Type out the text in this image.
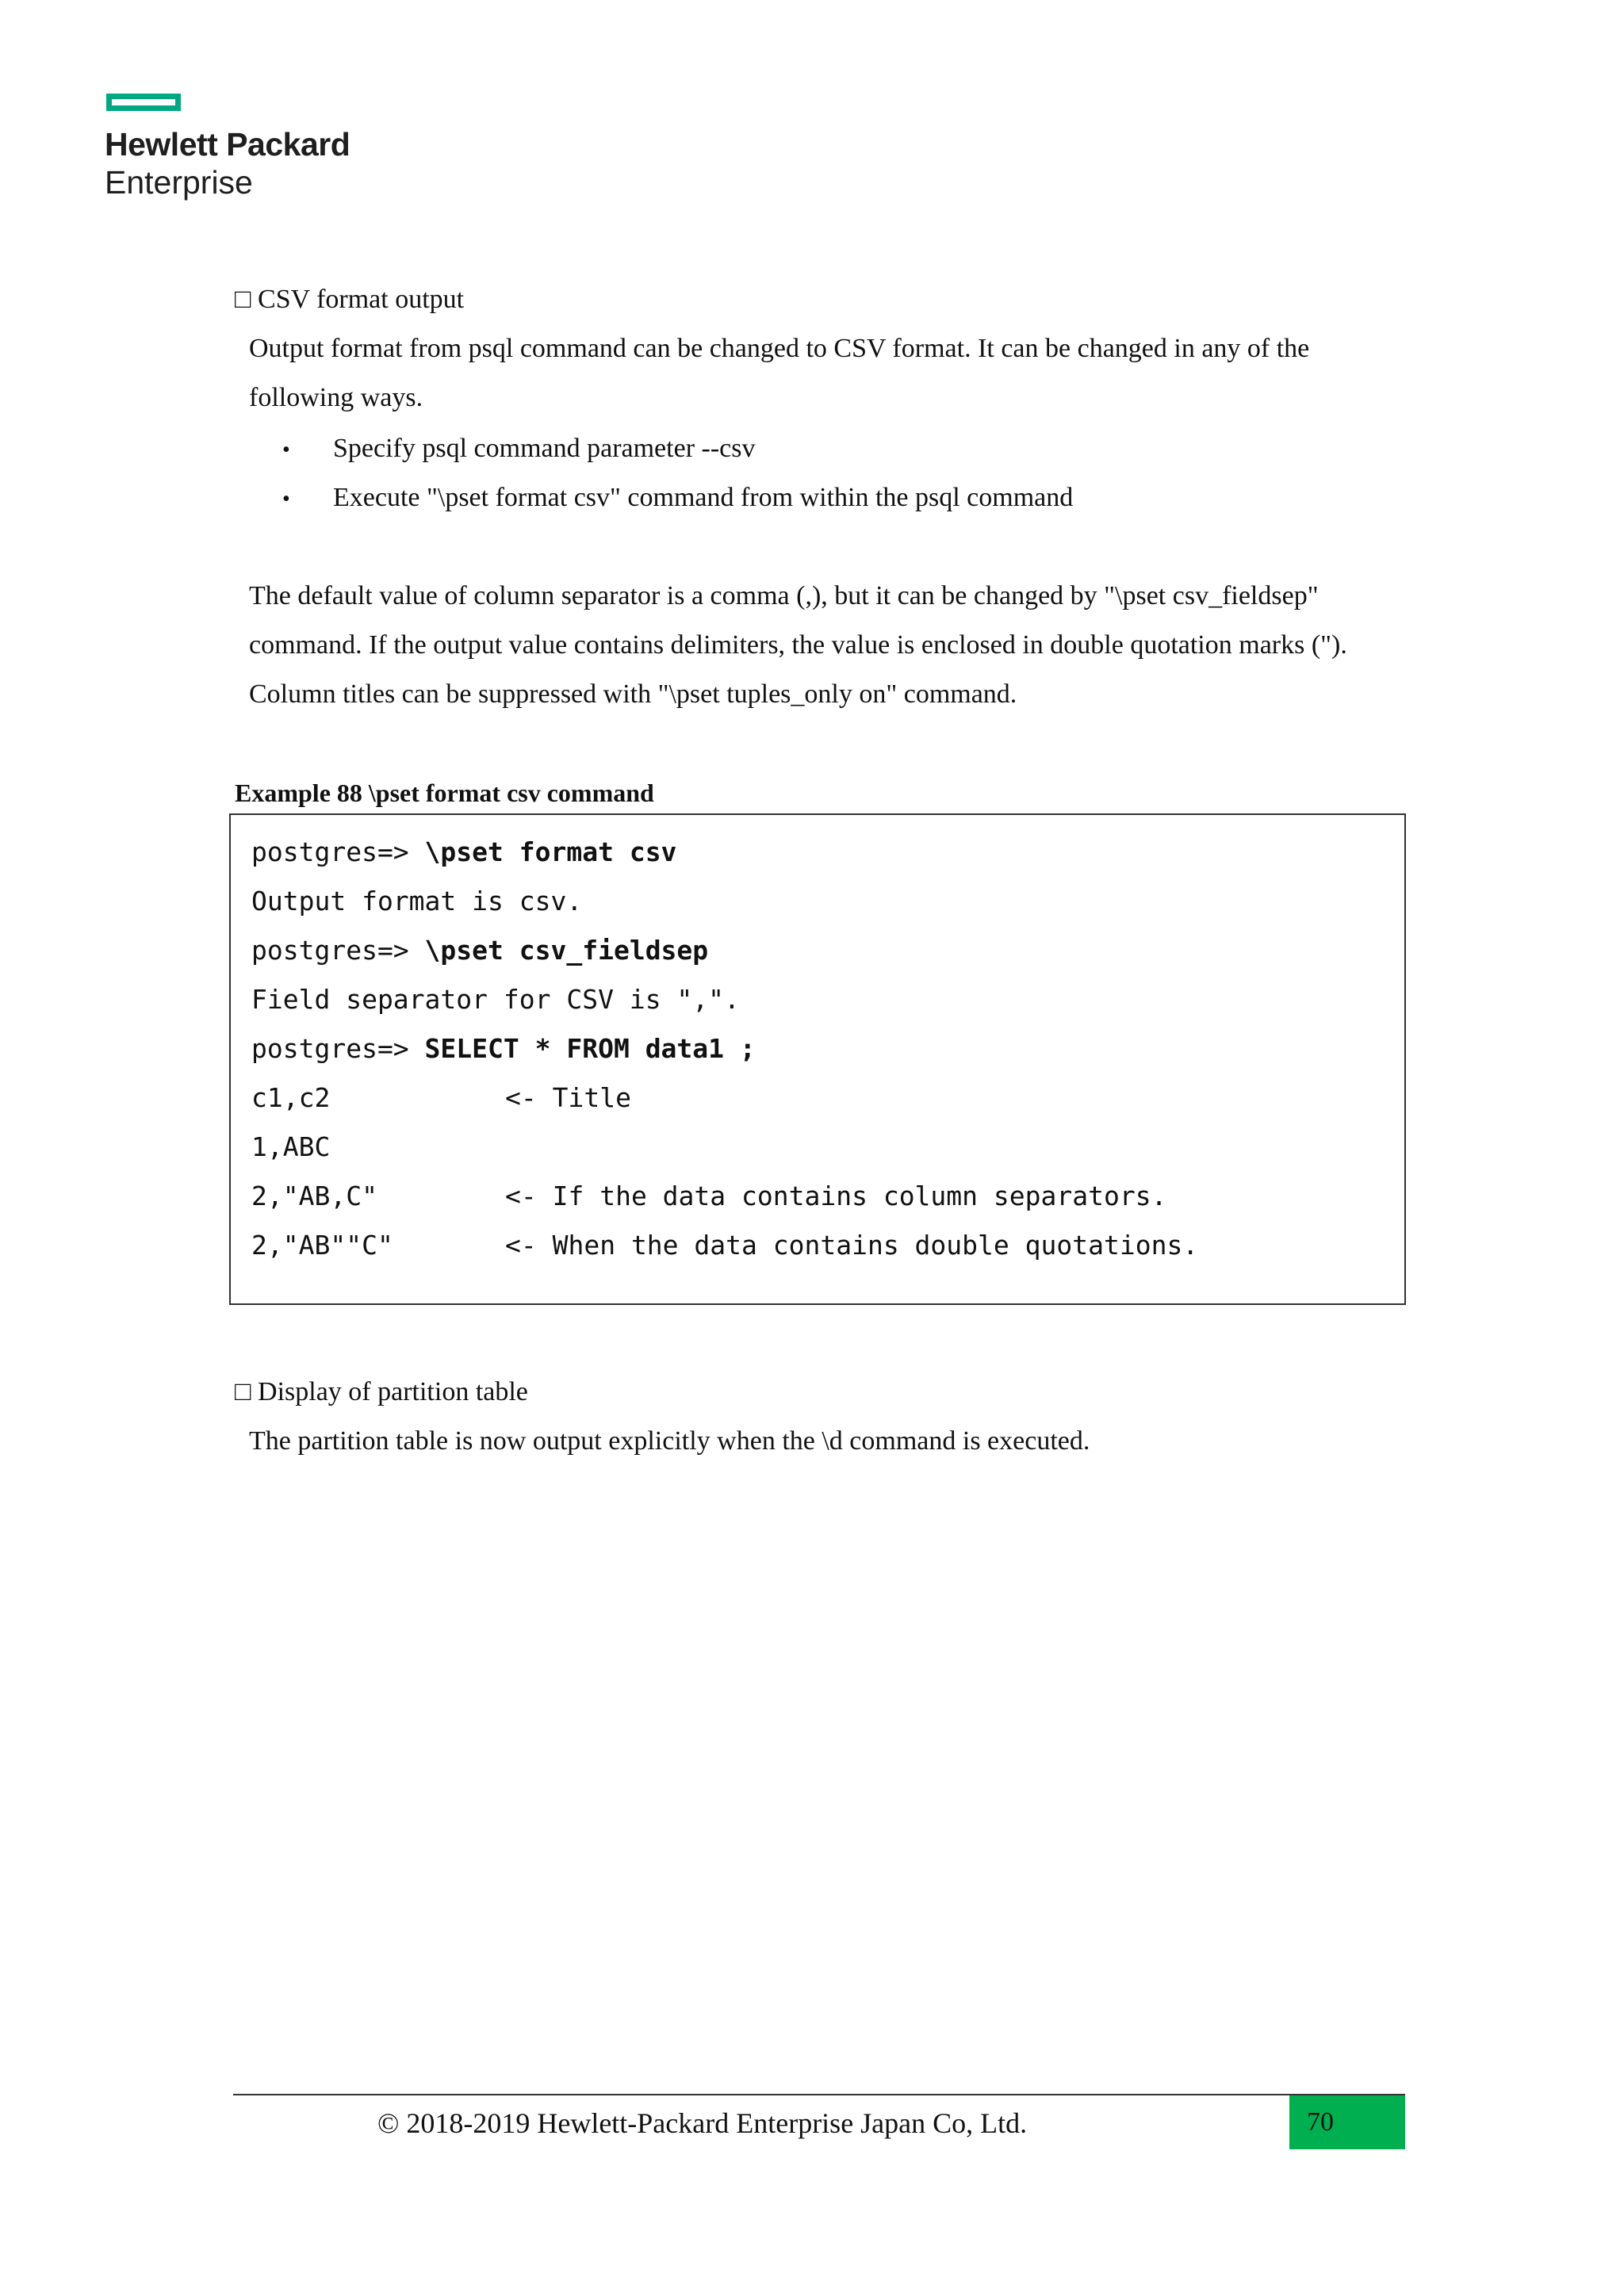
Hewlett Packard
Enterprise
□ CSV format output
Output format from psql command can be changed to CSV format. It can be changed in any of the following ways.
• Specify psql command parameter --csv
• Execute "\pset format csv" command from within the psql command
The default value of column separator is a comma (,), but it can be changed by "\pset csv_fieldsep" command. If the output value contains delimiters, the value is enclosed in double quotation marks ("). Column titles can be suppressed with "\pset tuples_only on" command.
Example 88 \pset format csv command
postgres=> \pset format csv
Output format is csv.
postgres=> \pset csv_fieldsep
Field separator for CSV is ",".
postgres=> SELECT * FROM data1 ;
c1,c2	<- Title
1,ABC
2,"AB,C"	<- If the data contains column separators.
2,"AB""C"	<- When the data contains double quotations.
□ Display of partition table
The partition table is now output explicitly when the \d command is executed.
© 2018-2019 Hewlett-Packard Enterprise Japan Co, Ltd.	70
